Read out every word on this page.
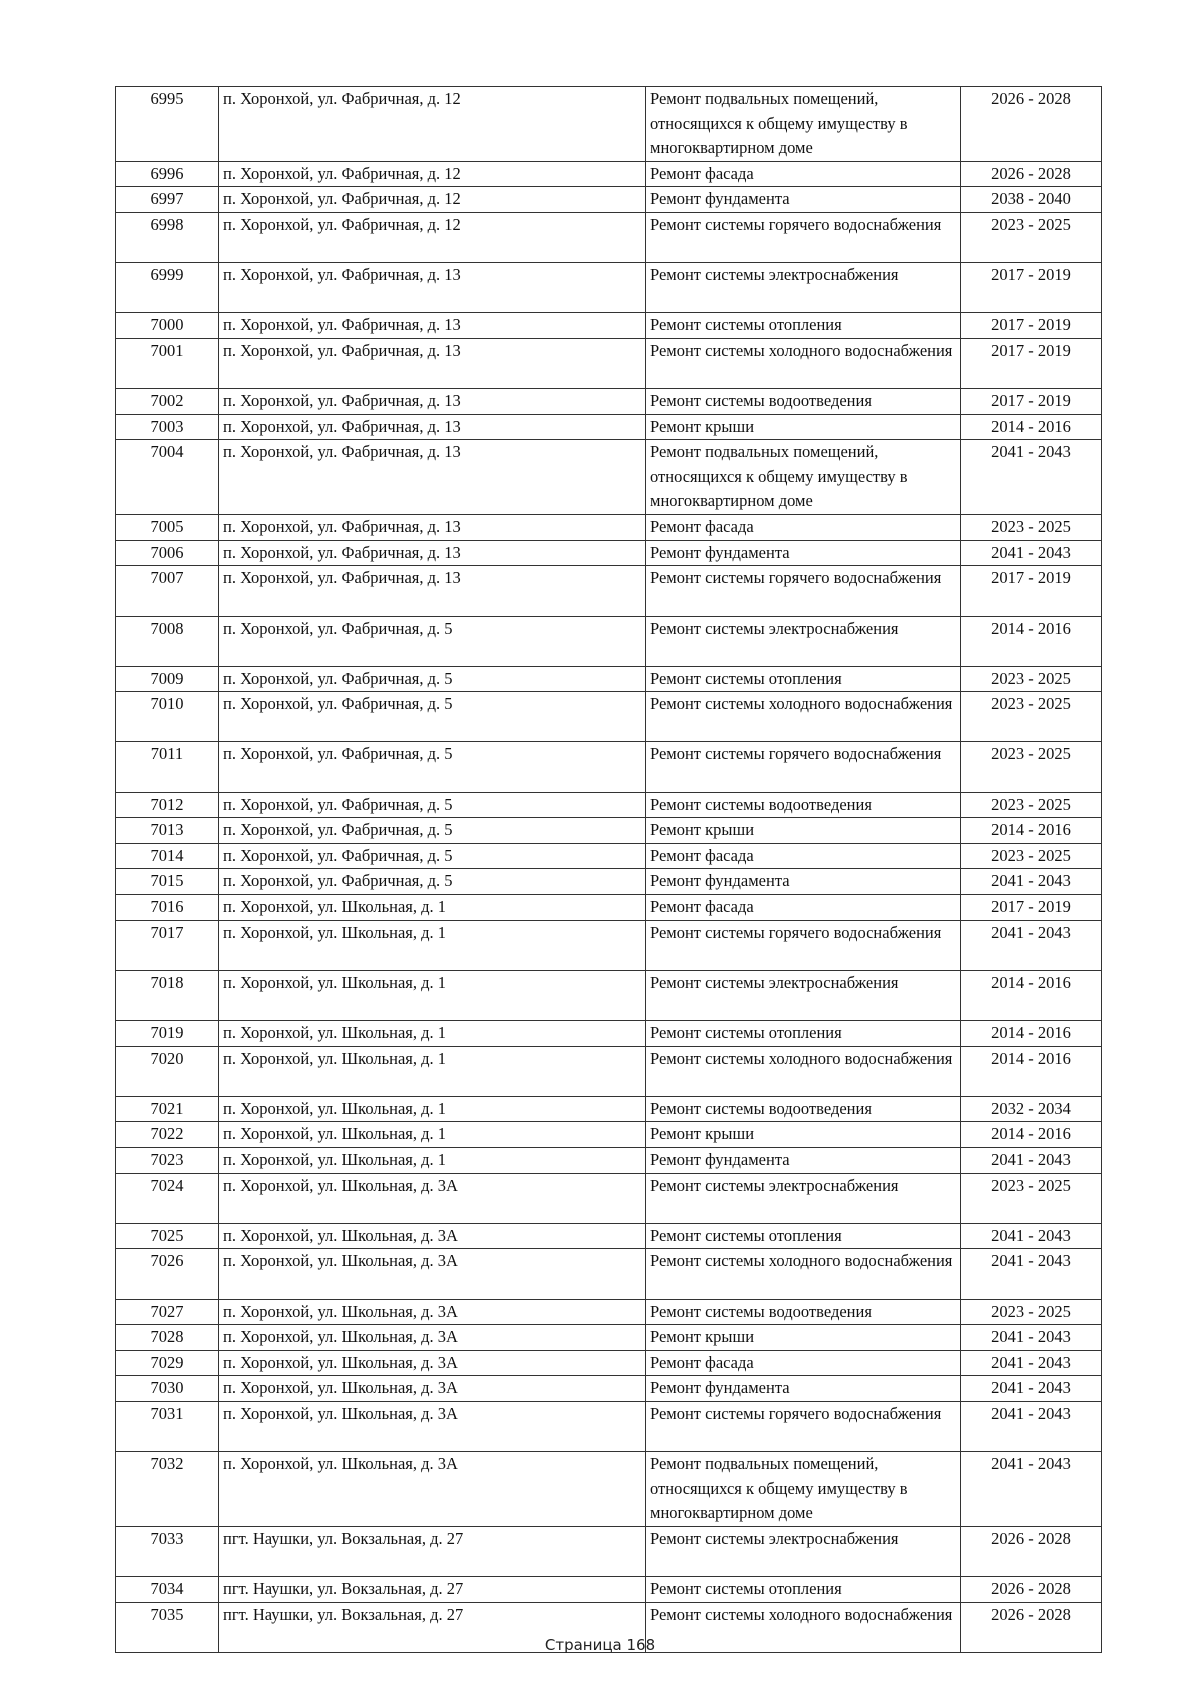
6995	п. Хоронхой, ул. Фабричная, д. 12	Ремонт подвальных помещений, относящихся к общему имуществу в многоквартирном доме	2026 - 2028
6996	п. Хоронхой, ул. Фабричная, д. 12	Ремонт фасада	2026 - 2028
6997	п. Хоронхой, ул. Фабричная, д. 12	Ремонт фундамента	2038 - 2040
6998	п. Хоронхой, ул. Фабричная, д. 12	Ремонт системы горячего водоснабжения	2023 - 2025
6999	п. Хоронхой, ул. Фабричная, д. 13	Ремонт системы электроснабжения	2017 - 2019
7000	п. Хоронхой, ул. Фабричная, д. 13	Ремонт системы отопления	2017 - 2019
7001	п. Хоронхой, ул. Фабричная, д. 13	Ремонт системы холодного водоснабжения	2017 - 2019
7002	п. Хоронхой, ул. Фабричная, д. 13	Ремонт системы водоотведения	2017 - 2019
7003	п. Хоронхой, ул. Фабричная, д. 13	Ремонт крыши	2014 - 2016
7004	п. Хоронхой, ул. Фабричная, д. 13	Ремонт подвальных помещений, относящихся к общему имуществу в многоквартирном доме	2041 - 2043
7005	п. Хоронхой, ул. Фабричная, д. 13	Ремонт фасада	2023 - 2025
7006	п. Хоронхой, ул. Фабричная, д. 13	Ремонт фундамента	2041 - 2043
7007	п. Хоронхой, ул. Фабричная, д. 13	Ремонт системы горячего водоснабжения	2017 - 2019
7008	п. Хоронхой, ул. Фабричная, д. 5	Ремонт системы электроснабжения	2014 - 2016
7009	п. Хоронхой, ул. Фабричная, д. 5	Ремонт системы отопления	2023 - 2025
7010	п. Хоронхой, ул. Фабричная, д. 5	Ремонт системы холодного водоснабжения	2023 - 2025
7011	п. Хоронхой, ул. Фабричная, д. 5	Ремонт системы горячего водоснабжения	2023 - 2025
7012	п. Хоронхой, ул. Фабричная, д. 5	Ремонт системы водоотведения	2023 - 2025
7013	п. Хоронхой, ул. Фабричная, д. 5	Ремонт крыши	2014 - 2016
7014	п. Хоронхой, ул. Фабричная, д. 5	Ремонт фасада	2023 - 2025
7015	п. Хоронхой, ул. Фабричная, д. 5	Ремонт фундамента	2041 - 2043
7016	п. Хоронхой, ул. Школьная, д. 1	Ремонт фасада	2017 - 2019
7017	п. Хоронхой, ул. Школьная, д. 1	Ремонт системы горячего водоснабжения	2041 - 2043
7018	п. Хоронхой, ул. Школьная, д. 1	Ремонт системы электроснабжения	2014 - 2016
7019	п. Хоронхой, ул. Школьная, д. 1	Ремонт системы отопления	2014 - 2016
7020	п. Хоронхой, ул. Школьная, д. 1	Ремонт системы холодного водоснабжения	2014 - 2016
7021	п. Хоронхой, ул. Школьная, д. 1	Ремонт системы водоотведения	2032 - 2034
7022	п. Хоронхой, ул. Школьная, д. 1	Ремонт крыши	2014 - 2016
7023	п. Хоронхой, ул. Школьная, д. 1	Ремонт фундамента	2041 - 2043
7024	п. Хоронхой, ул. Школьная, д. 3А	Ремонт системы электроснабжения	2023 - 2025
7025	п. Хоронхой, ул. Школьная, д. 3А	Ремонт системы отопления	2041 - 2043
7026	п. Хоронхой, ул. Школьная, д. 3А	Ремонт системы холодного водоснабжения	2041 - 2043
7027	п. Хоронхой, ул. Школьная, д. 3А	Ремонт системы водоотведения	2023 - 2025
7028	п. Хоронхой, ул. Школьная, д. 3А	Ремонт крыши	2041 - 2043
7029	п. Хоронхой, ул. Школьная, д. 3А	Ремонт фасада	2041 - 2043
7030	п. Хоронхой, ул. Школьная, д. 3А	Ремонт фундамента	2041 - 2043
7031	п. Хоронхой, ул. Школьная, д. 3А	Ремонт системы горячего водоснабжения	2041 - 2043
7032	п. Хоронхой, ул. Школьная, д. 3А	Ремонт подвальных помещений, относящихся к общему имуществу в многоквартирном доме	2041 - 2043
7033	пгт. Наушки, ул. Вокзальная, д. 27	Ремонт системы электроснабжения	2026 - 2028
7034	пгт. Наушки, ул. Вокзальная, д. 27	Ремонт системы отопления	2026 - 2028
7035	пгт. Наушки, ул. Вокзальная, д. 27	Ремонт системы холодного водоснабжения	2026 - 2028
Страница 168
